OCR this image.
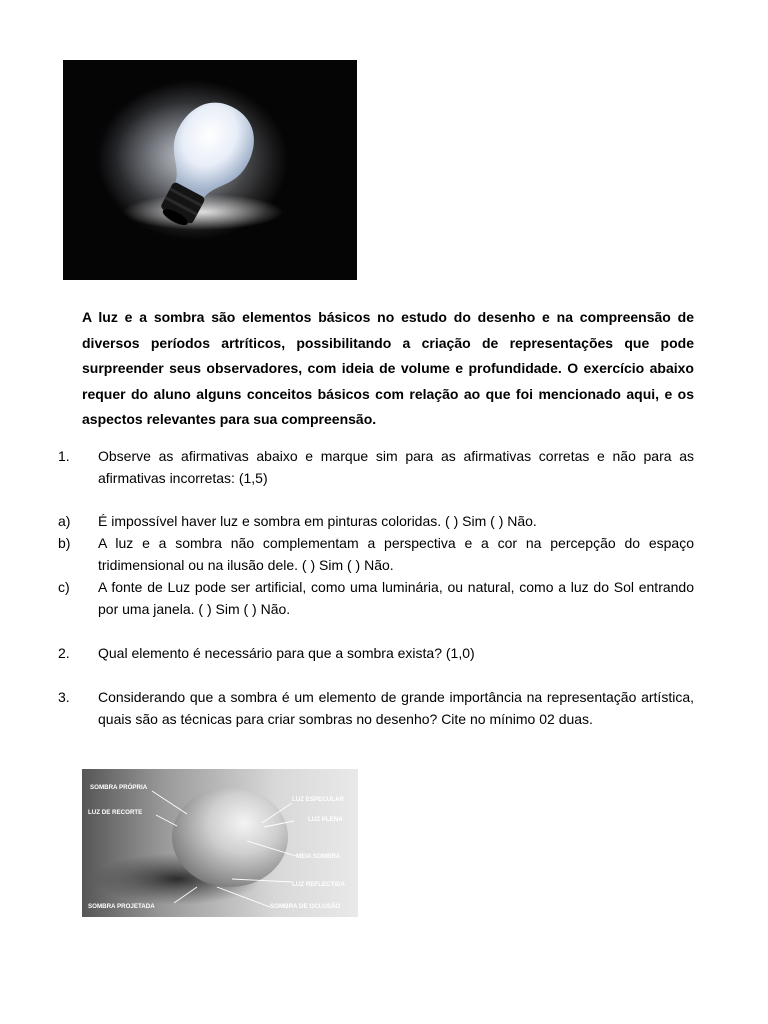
A luz e a sombra são elementos básicos no estudo do desenho e na compreensão de diversos períodos artríticos, possibilitando a criação de representações que pode surpreender seus observadores, com ideia de volume e profundidade. O exercício abaixo requer do aluno alguns conceitos básicos com relação ao que foi mencionado aqui, e os aspectos relevantes para sua compreensão.
1.	Observe as afirmativas abaixo e marque sim para as afirmativas corretas e não para as afirmativas incorretas: (1,5)
a)	É impossível haver luz e sombra em pinturas coloridas. ( ) Sim ( ) Não.
b)	A luz e a sombra não complementam a perspectiva e a cor na percepção do espaço tridimensional ou na ilusão dele. ( ) Sim ( ) Não.
c)	A fonte de Luz pode ser artificial, como uma luminária, ou natural, como a luz do Sol entrando por uma janela. ( ) Sim ( ) Não.
2.	Qual elemento é necessário para que a sombra exista? (1,0)
3.	Considerando que a sombra é um elemento de grande importância na representação artística, quais são as técnicas para criar sombras no desenho? Cite no mínimo 02 duas.
SOMBRA PRÓPRIA
LUZ DE RECORTE
SOMBRA PROJETADA
LUZ ESPECULAR
LUZ PLENA
MEIA SOMBRA
LUZ REFLECTIDA
SOMBRA DE OCLUSÃO
